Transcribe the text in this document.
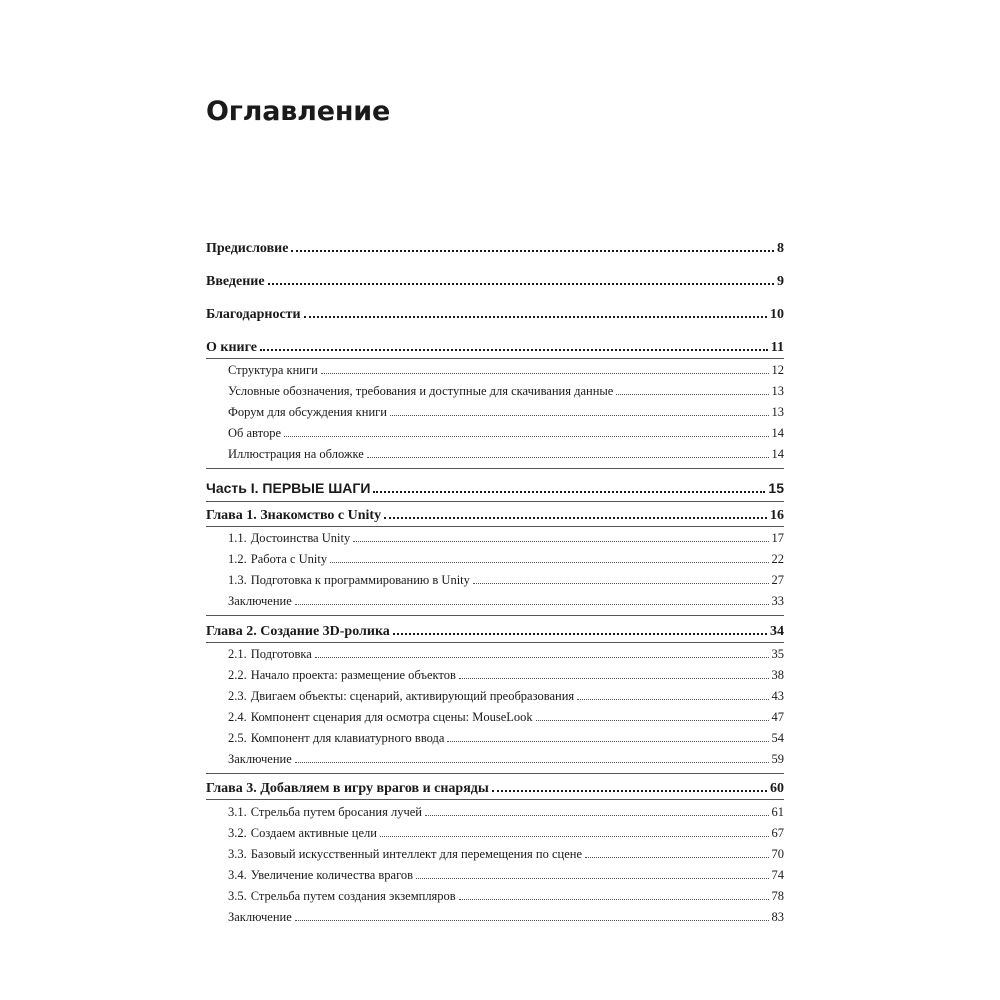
Оглавление
Предисловие	8
Введение	9
Благодарности	10
О книге	11
Структура книги	12
Условные обозначения, требования и доступные для скачивания данные	13
Форум для обсуждения книги	13
Об авторе	14
Иллюстрация на обложке	14
Часть I. ПЕРВЫЕ ШАГИ	15
Глава 1. Знакомство с Unity	16
1.1. Достоинства Unity	17
1.2. Работа с Unity	22
1.3. Подготовка к программированию в Unity	27
Заключение	33
Глава 2. Создание 3D-ролика	34
2.1. Подготовка	35
2.2. Начало проекта: размещение объектов	38
2.3. Двигаем объекты: сценарий, активирующий преобразования	43
2.4. Компонент сценария для осмотра сцены: MouseLook	47
2.5. Компонент для клавиатурного ввода	54
Заключение	59
Глава 3. Добавляем в игру врагов и снаряды	60
3.1. Стрельба путем бросания лучей	61
3.2. Создаем активные цели	67
3.3. Базовый искусственный интеллект для перемещения по сцене	70
3.4. Увеличение количества врагов	74
3.5. Стрельба путем создания экземпляров	78
Заключение	83
